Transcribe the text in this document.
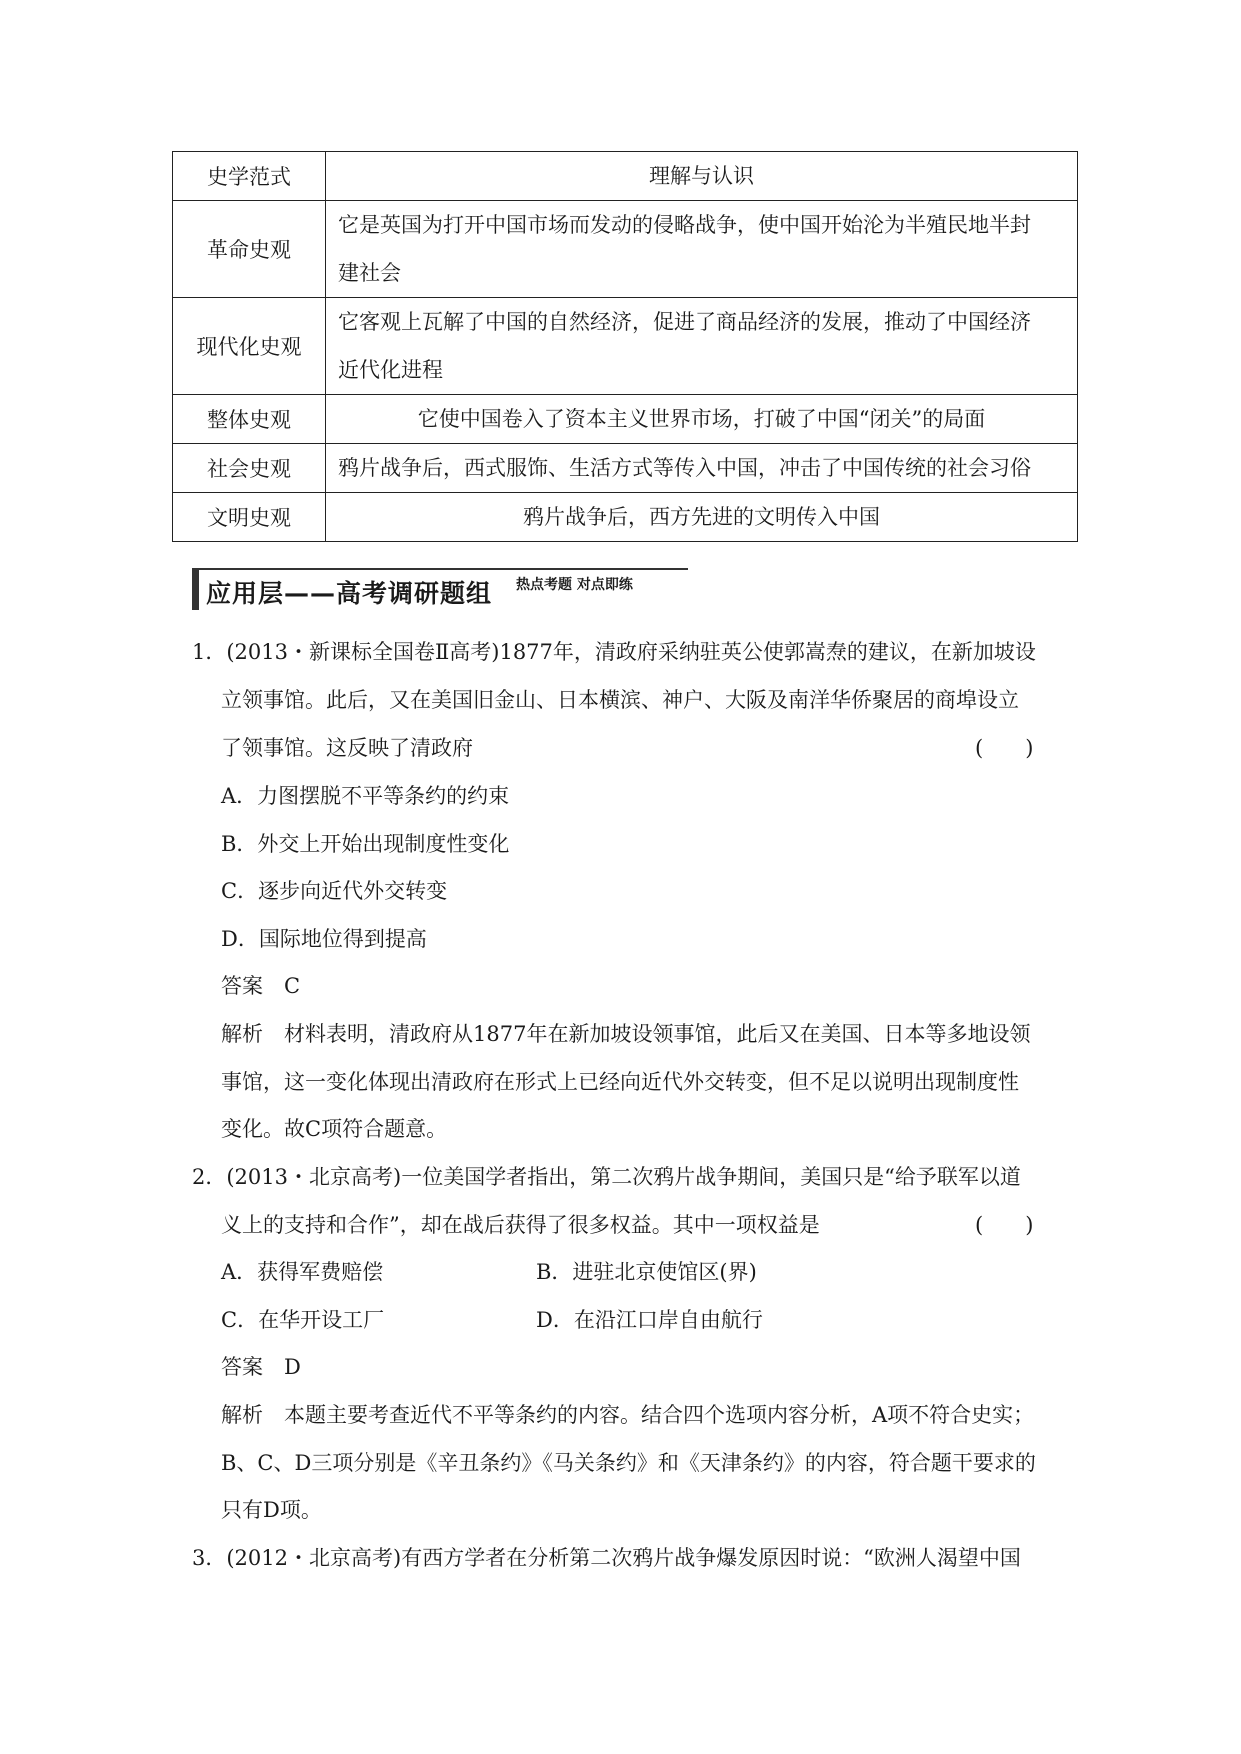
史学范式	理解与认识
革命史观	它是英国为打开中国市场而发动的侵略战争，使中国开始沦为半殖民地半封
建社会
现代化史观	它客观上瓦解了中国的自然经济，促进了商品经济的发展，推动了中国经济
近代化进程
整体史观	它使中国卷入了资本主义世界市场，打破了中国“闭关”的局面
社会史观	鸦片战争后，西式服饰、生活方式等传入中国，冲击了中国传统的社会习俗
文明史观	鸦片战争后，西方先进的文明传入中国
应用层——高考调研题组 热点考题 对点即练
1．(2013・新课标全国卷Ⅱ高考)1877年，清政府采纳驻英公使郭嵩焘的建议，在新加坡设
立领事馆。此后，又在美国旧金山、日本横滨、神户、大阪及南洋华侨聚居的商埠设立
了领事馆。这反映了清政府	(　　)
A．力图摆脱不平等条约的约束
B．外交上开始出现制度性变化
C．逐步向近代外交转变
D．国际地位得到提高
答案　C
解析　材料表明，清政府从1877年在新加坡设领事馆，此后又在美国、日本等多地设领
事馆，这一变化体现出清政府在形式上已经向近代外交转变，但不足以说明出现制度性
变化。故C项符合题意。
2．(2013・北京高考)一位美国学者指出，第二次鸦片战争期间，美国只是“给予联军以道
义上的支持和合作”，却在战后获得了很多权益。其中一项权益是	(　　)
A．获得军费赔偿	B．进驻北京使馆区(界)
C．在华开设工厂	D．在沿江口岸自由航行
答案　D
解析　本题主要考查近代不平等条约的内容。结合四个选项内容分析，A项不符合史实；
B、C、D三项分别是《辛丑条约》《马关条约》和《天津条约》的内容，符合题干要求的
只有D项。
3．(2012・北京高考)有西方学者在分析第二次鸦片战争爆发原因时说：“欧洲人渴望中国
